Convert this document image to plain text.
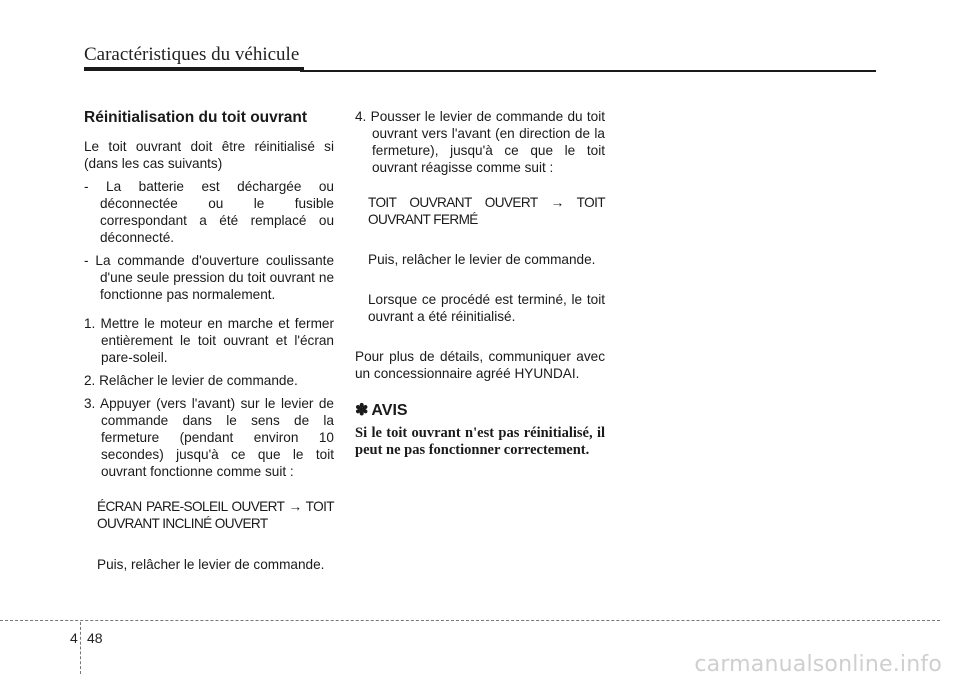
Caractéristiques du véhicule
Réinitialisation du toit ouvrant

Le toit ouvrant doit être réinitialisé si (dans les cas suivants)

- La batterie est déchargée ou déconnectée ou le fusible correspondant a été remplacé ou déconnecté.

- La commande d'ouverture coulissante d'une seule pression du toit ouvrant ne fonctionne pas normalement.

1. Mettre le moteur en marche et fermer entièrement le toit ouvrant et l'écran pare-soleil.

2. Relâcher le levier de commande.

3. Appuyer (vers l'avant) sur le levier de commande dans le sens de la fermeture (pendant environ 10 secondes) jusqu'à ce que le toit ouvrant fonctionne comme suit :

ÉCRAN PARE-SOLEIL OUVERT → TOIT OUVRANT INCLINÉ OUVERT

Puis, relâcher le levier de commande.

4. Pousser le levier de commande du toit ouvrant vers l'avant (en direction de la fermeture), jusqu'à ce que le toit ouvrant réagisse comme suit :

TOIT OUVRANT OUVERT → TOIT OUVRANT FERMÉ

Puis, relâcher le levier de commande.

Lorsque ce procédé est terminé, le toit ouvrant a été réinitialisé.

Pour plus de détails, communiquer avec un concessionnaire agréé HYUNDAI.

✽ AVIS

Si le toit ouvrant n'est pas réinitialisé, il peut ne pas fonctionner correctement.

4 48
carmanualsonline.info
